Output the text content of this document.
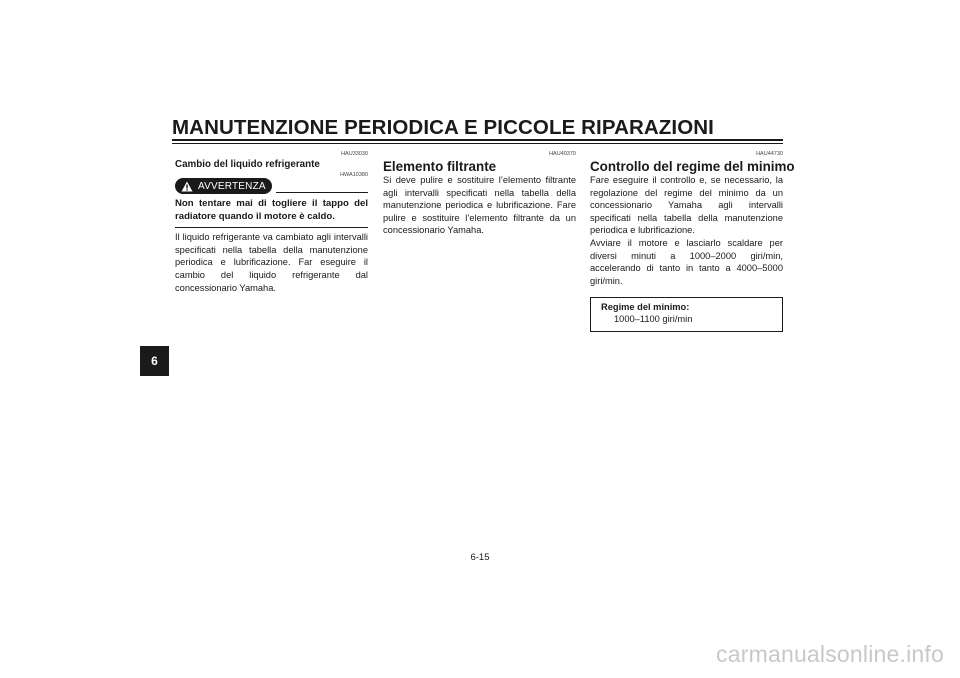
MANUTENZIONE PERIODICA E PICCOLE RIPARAZIONI
6
HAU33030
Cambio del liquido refrigerante
AVVERTENZA
HWA10380

Non tentare mai di togliere il tappo del radiatore quando il motore è caldo.

Il liquido refrigerante va cambiato agli intervalli specificati nella tabella della manutenzione periodica e lubrificazione. Far eseguire il cambio del liquido refrigerante dal concessionario Yamaha.

HAU40370
Elemento filtrante

Si deve pulire e sostituire l’elemento filtrante agli intervalli specificati nella tabella della manutenzione periodica e lubrificazione. Fare pulire e sostituire l’elemento filtrante da un concessionario Yamaha.

HAU44730
Controllo del regime del minimo

Fare eseguire il controllo e, se necessario, la regolazione del regime del minimo da un concessionario Yamaha agli intervalli specificati nella tabella della manutenzione periodica e lubrificazione.

Avviare il motore e lasciarlo scaldare per diversi minuti a 1000–2000 giri/min, accelerando di tanto in tanto a 4000–5000 giri/min.

Regime del minimo:
1000–1100 giri/min
6-15
carmanualsonline.info
